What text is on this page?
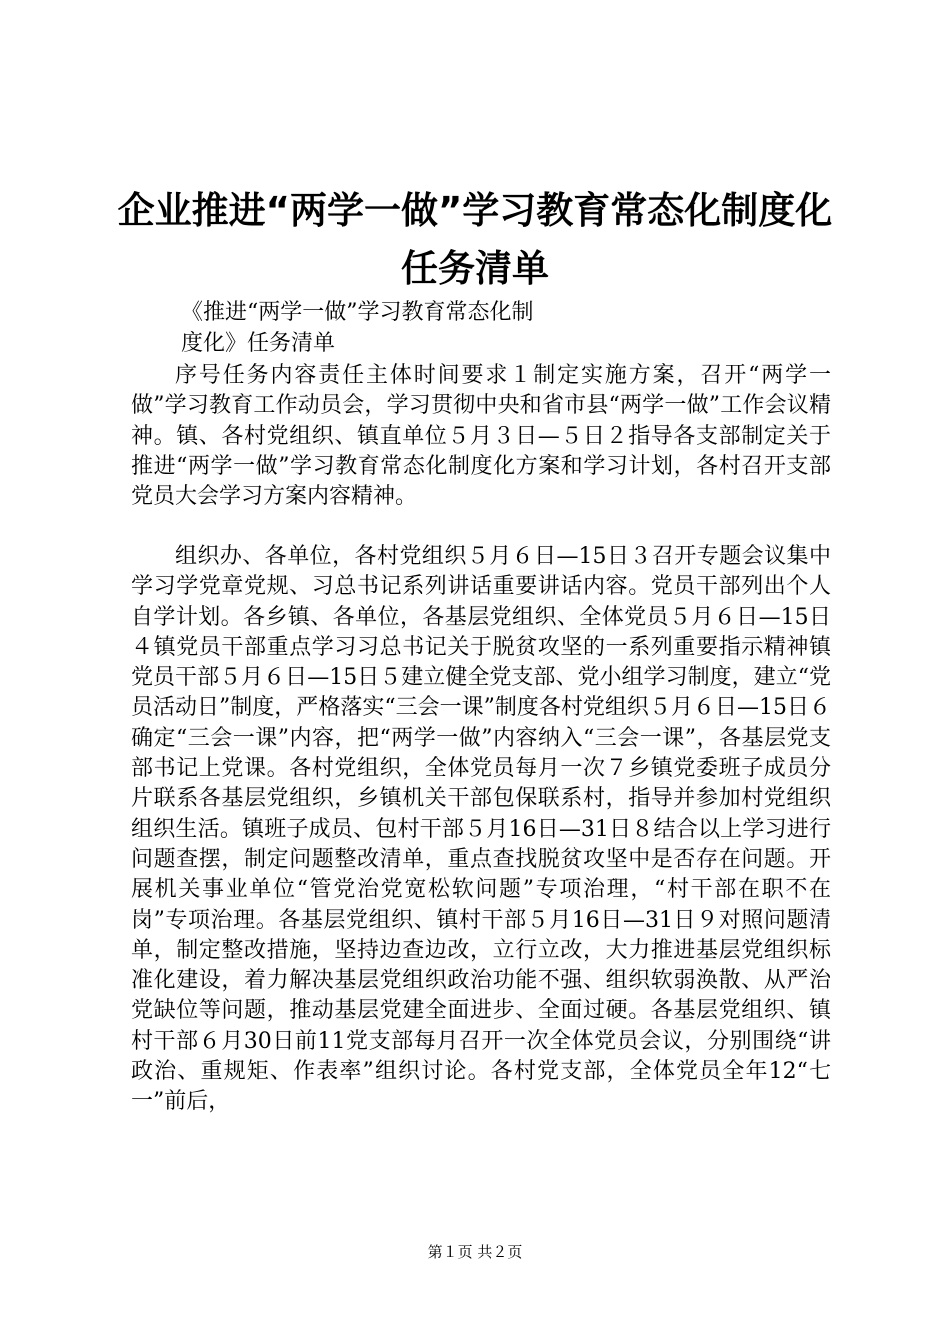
企业推进“两学一做”学习教育常态化制度化
任务清单
《推进“两学一做”学习教育常态化制
度化》任务清单
序号任务内容责任主体时间要求１制定实施方案，召开“两学一做”学习教育工作动员会，学习贯彻中央和省市县“两学一做”工作会议精神。镇、各村党组织、镇直单位５月３日—５日２指导各支部制定关于推进“两学一做”学习教育常态化制度化方案和学习计划，各村召开支部党员大会学习方案内容精神。
组织办、各单位，各村党组织５月６日—15日３召开专题会议集中学习学党章党规、习总书记系列讲话重要讲话内容。党员干部列出个人自学计划。各乡镇、各单位，各基层党组织、全体党员５月６日—15日４镇党员干部重点学习习总书记关于脱贫攻坚的一系列重要指示精神镇党员干部５月６日—15日５建立健全党支部、党小组学习制度，建立“党员活动日”制度，严格落实“三会一课”制度各村党组织５月６日—15日６确定“三会一课”内容，把“两学一做”内容纳入“三会一课”，各基层党支部书记上党课。各村党组织，全体党员每月一次７乡镇党委班子成员分片联系各基层党组织，乡镇机关干部包保联系村，指导并参加村党组织组织生活。镇班子成员、包村干部５月16日—31日８结合以上学习进行问题查摆，制定问题整改清单，重点查找脱贫攻坚中是否存在问题。开展机关事业单位“管党治党宽松软问题”专项治理，“村干部在职不在岗”专项治理。各基层党组织、镇村干部５月16日—31日９对照问题清单，制定整改措施，坚持边查边改，立行立改，大力推进基层党组织标准化建设，着力解决基层党组织政治功能不强、组织软弱涣散、从严治党缺位等问题，推动基层党建全面进步、全面过硬。各基层党组织、镇村干部６月30日前11党支部每月召开一次全体党员会议，分别围绕“讲政治、重规矩、作表率”组织讨论。各村党支部，全体党员全年12“七一”前后，
第１页 共２页
